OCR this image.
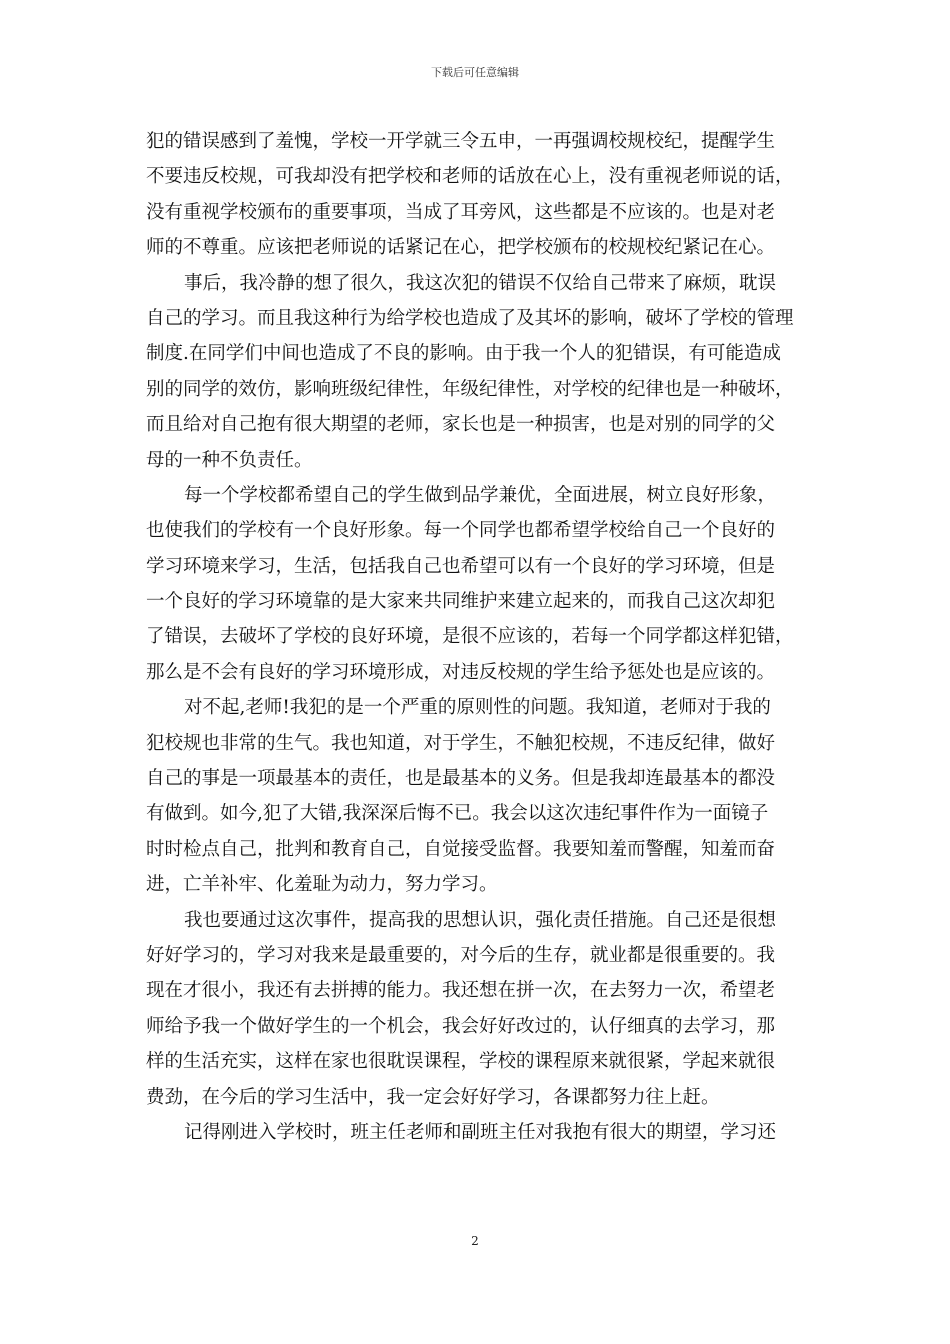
下载后可任意编辑
犯的错误感到了羞愧，学校一开学就三令五申，一再强调校规校纪，提醒学生
不要违反校规，可我却没有把学校和老师的话放在心上，没有重视老师说的话，
没有重视学校颁布的重要事项，当成了耳旁风，这些都是不应该的。也是对老
师的不尊重。应该把老师说的话紧记在心，把学校颁布的校规校纪紧记在心。
事后，我冷静的想了很久，我这次犯的错误不仅给自己带来了麻烦，耽误
自己的学习。而且我这种行为给学校也造成了及其坏的影响，破坏了学校的管理
制度.在同学们中间也造成了不良的影响。由于我一个人的犯错误，有可能造成
别的同学的效仿，影响班级纪律性，年级纪律性，对学校的纪律也是一种破坏，
而且给对自己抱有很大期望的老师，家长也是一种损害，也是对别的同学的父
母的一种不负责任。
每一个学校都希望自己的学生做到品学兼优，全面进展，树立良好形象，
也使我们的学校有一个良好形象。每一个同学也都希望学校给自己一个良好的
学习环境来学习，生活，包括我自己也希望可以有一个良好的学习环境，但是
一个良好的学习环境靠的是大家来共同维护来建立起来的，而我自己这次却犯
了错误，去破坏了学校的良好环境，是很不应该的，若每一个同学都这样犯错，
那么是不会有良好的学习环境形成，对违反校规的学生给予惩处也是应该的。
对不起,老师!我犯的是一个严重的原则性的问题。我知道，老师对于我的
犯校规也非常的生气。我也知道，对于学生，不触犯校规，不违反纪律，做好
自己的事是一项最基本的责任，也是最基本的义务。但是我却连最基本的都没
有做到。如今,犯了大错,我深深后悔不已。我会以这次违纪事件作为一面镜子
时时检点自己，批判和教育自己，自觉接受监督。我要知羞而警醒，知羞而奋
进，亡羊补牢、化羞耻为动力，努力学习。
我也要通过这次事件，提高我的思想认识，强化责任措施。自己还是很想
好好学习的，学习对我来是最重要的，对今后的生存，就业都是很重要的。我
现在才很小，我还有去拼搏的能力。我还想在拼一次，在去努力一次，希望老
师给予我一个做好学生的一个机会，我会好好改过的，认仔细真的去学习，那
样的生活充实，这样在家也很耽误课程，学校的课程原来就很紧，学起来就很
费劲，在今后的学习生活中，我一定会好好学习，各课都努力往上赶。
记得刚进入学校时，班主任老师和副班主任对我抱有很大的期望，学习还
2
